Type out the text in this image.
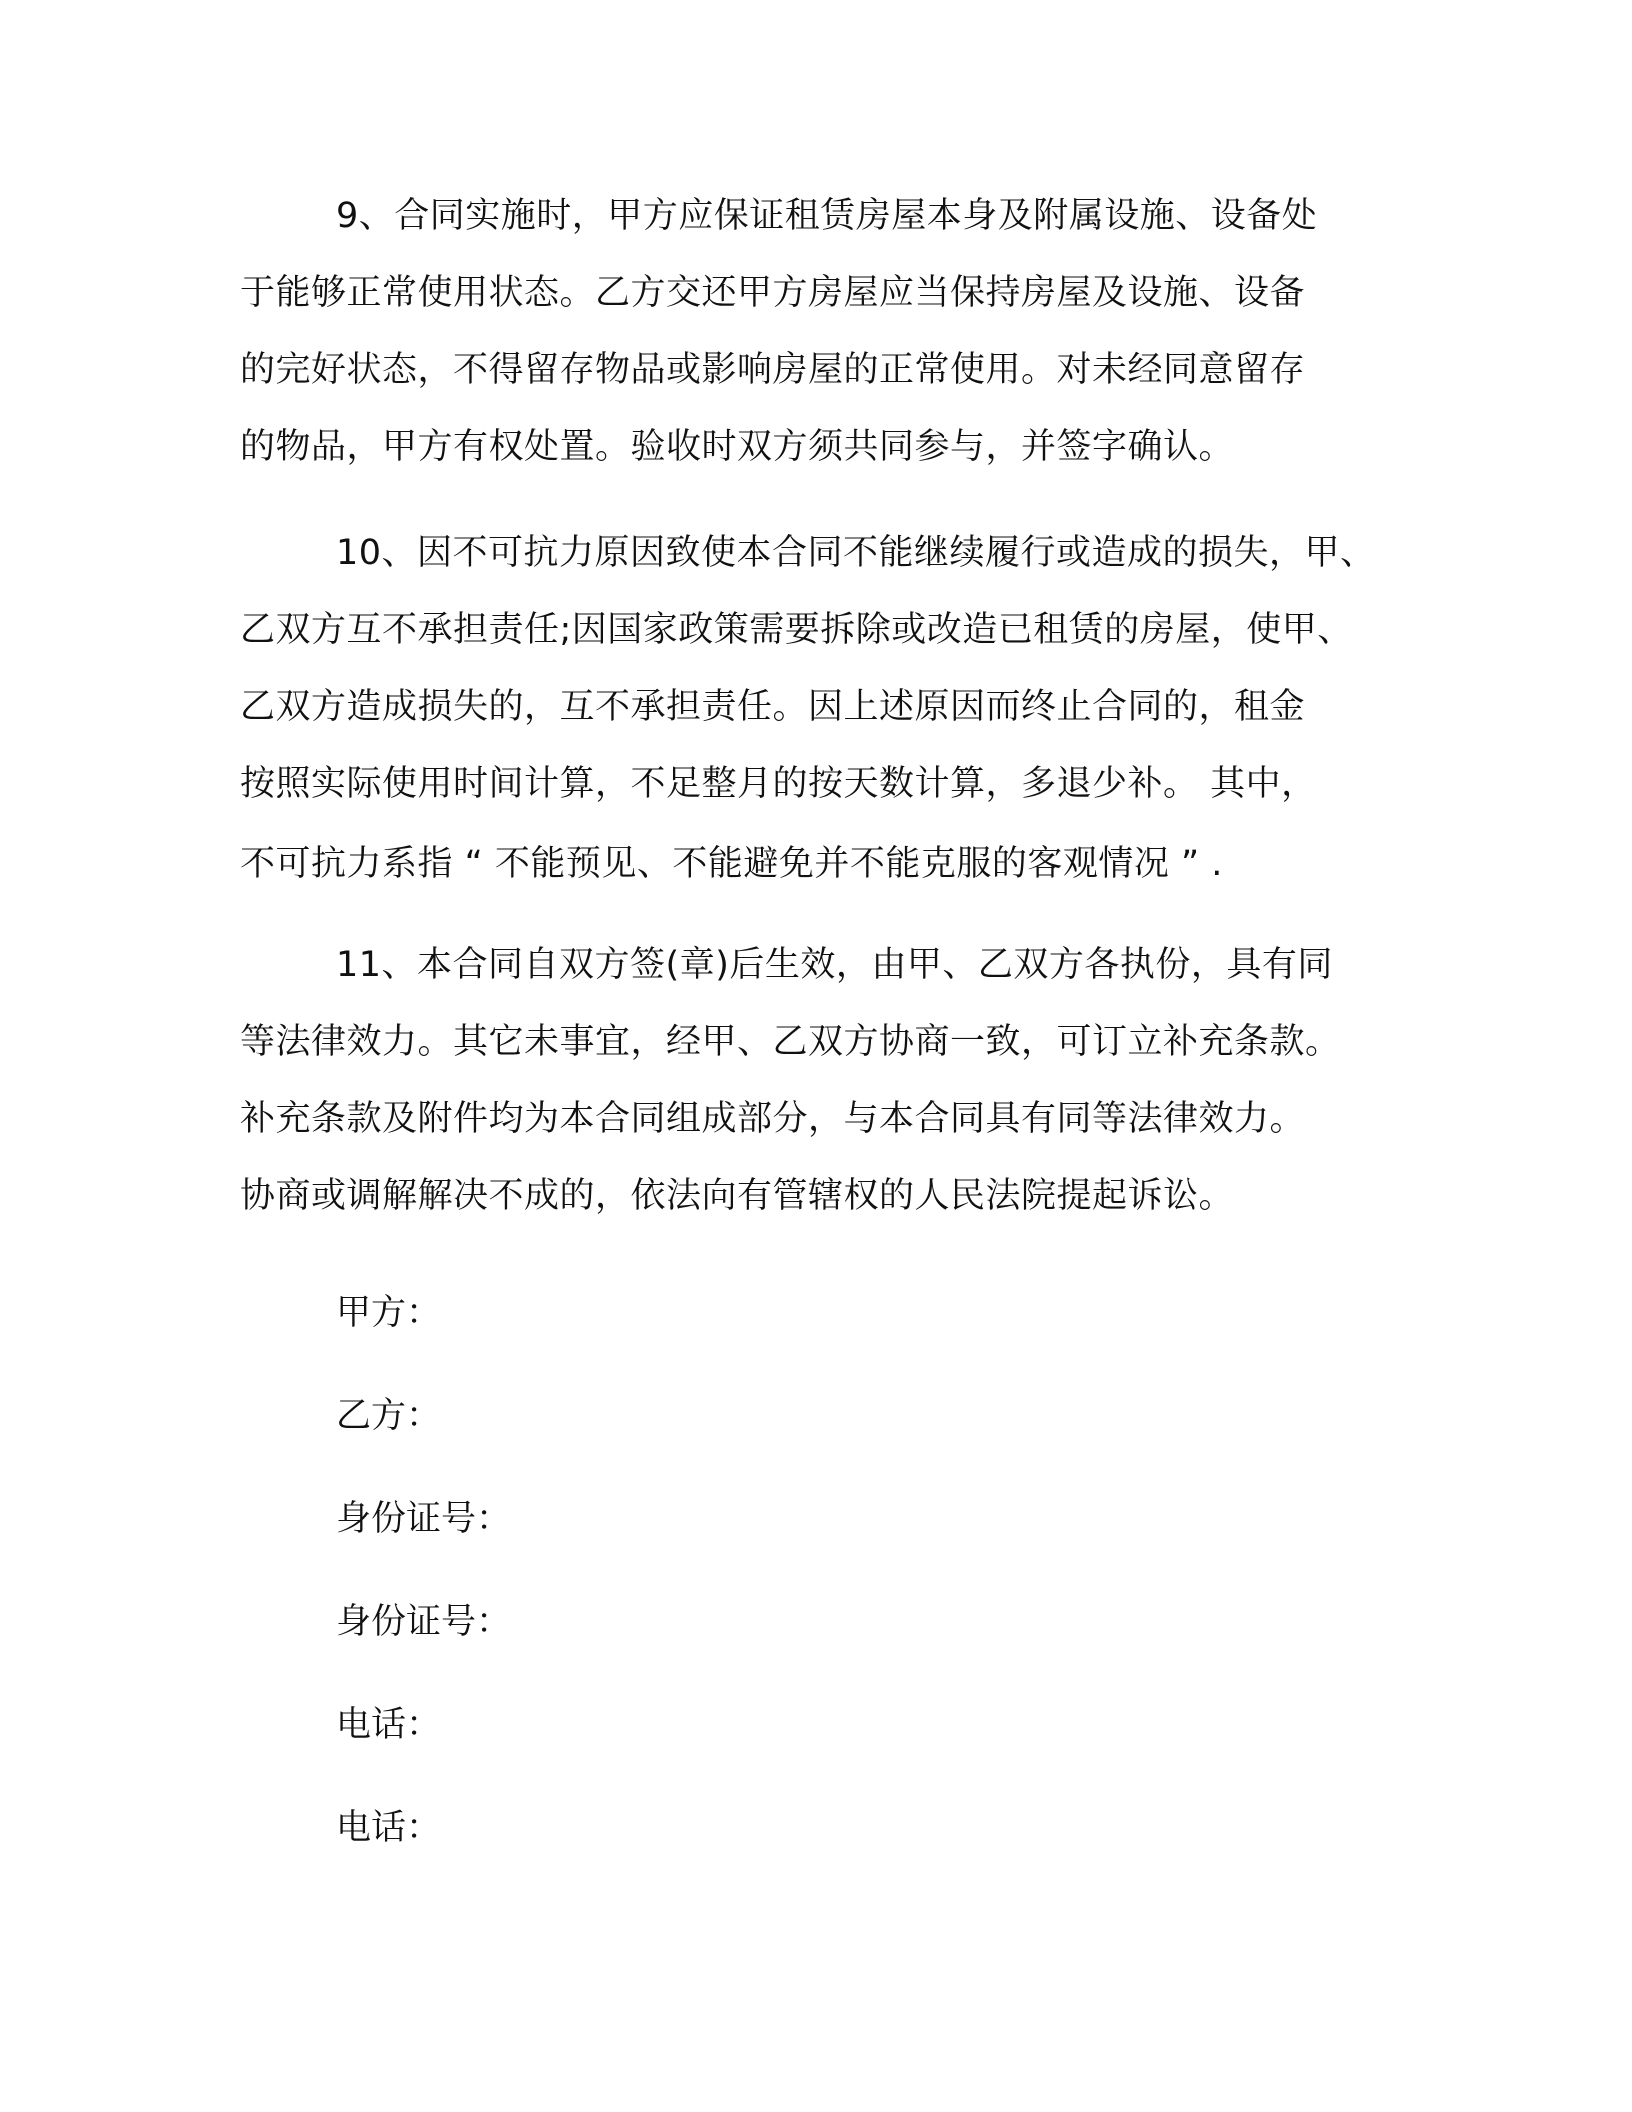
9、合同实施时，甲方应保证租赁房屋本身及附属设施、设备处
于能够正常使用状态。乙方交还甲方房屋应当保持房屋及设施、设备
的完好状态，不得留存物品或影响房屋的正常使用。对未经同意留存
的物品，甲方有权处置。验收时双方须共同参与，并签字确认。
10、因不可抗力原因致使本合同不能继续履行或造成的损失，甲、
乙双方互不承担责任;因国家政策需要拆除或改造已租赁的房屋，使甲、
乙双方造成损失的，互不承担责任。因上述原因而终止合同的，租金
按照实际使用时间计算，不足整月的按天数计算，多退少补。 其中，
不可抗力系指 “ 不能预见、不能避免并不能克服的客观情况 ” .
11、本合同自双方签(章)后生效，由甲、乙双方各执份，具有同
等法律效力。其它未事宜，经甲、乙双方协商一致，可订立补充条款。
补充条款及附件均为本合同组成部分，与本合同具有同等法律效力。
协商或调解解决不成的，依法向有管辖权的人民法院提起诉讼。
甲方：
乙方：
身份证号：
身份证号：
电话：
电话：
